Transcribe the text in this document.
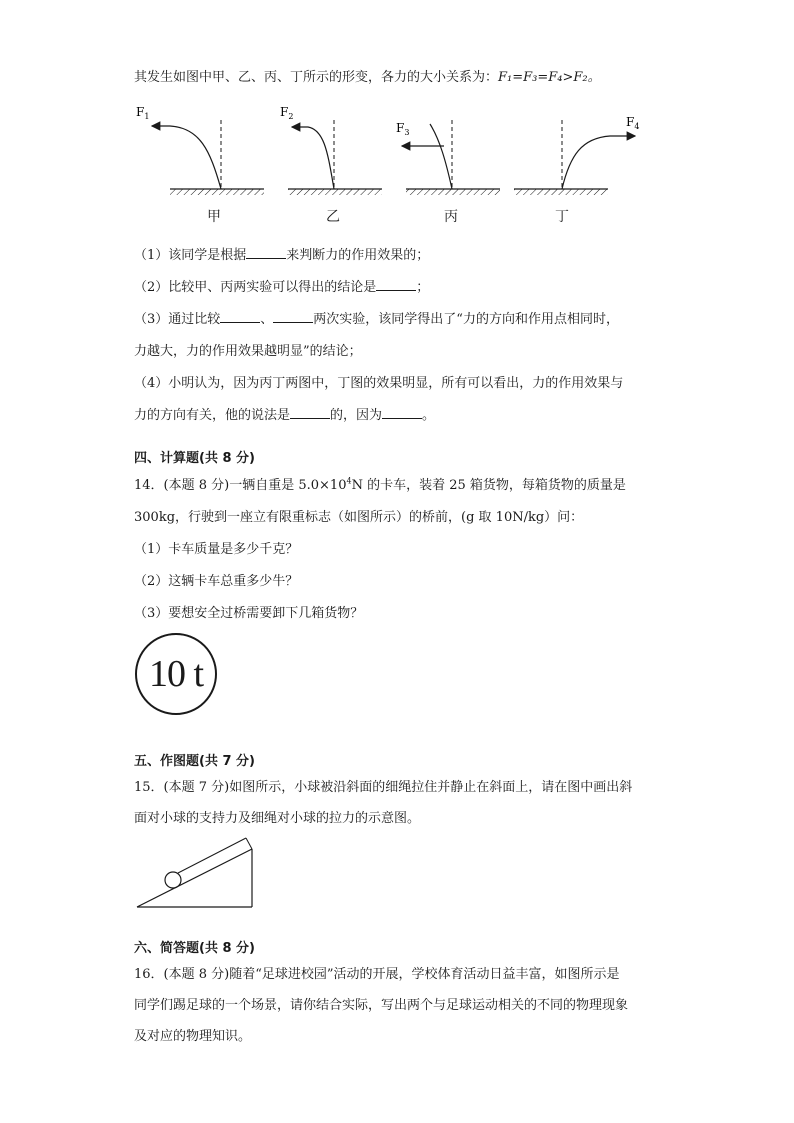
其发生如图中甲、乙、丙、丁所示的形变，各力的大小关系为：F₁=F₃=F₄>F₂。
$F_1$	$F_2$
$F_3$
$F_4$
甲	乙	丙	丁
（1）该同学是根据	来判断力的作用效果的；
（2）比较甲、丙两实验可以得出的结论是	；
（3）通过比较	、	两次实验，该同学得出了“力的方向和作用点相同时，
力越大，力的作用效果越明显”的结论；
（4）小明认为，因为丙丁两图中，丁图的效果明显，所有可以看出，力的作用效果与
力的方向有关，他的说法是	的，因为	。
四、计算题(共 8 分)
14．(本题 8 分)一辆自重是 $5.0\times 10^4N$ 的卡车，装着 25 箱货物，每箱货物的质量是
300kg，行驶到一座立有限重标志（如图所示）的桥前，(g 取 10N/kg）问：
（1）卡车质量是多少千克？
（2）这辆卡车总重多少牛？
（3）要想安全过桥需要卸下几箱货物？
10 t
五、作图题(共 7 分)
15．(本题 7 分)如图所示，小球被沿斜面的细绳拉住并静止在斜面上，请在图中画出斜
面对小球的支持力及细绳对小球的拉力的示意图。
六、简答题(共 8 分)
16．(本题 8 分)随着“足球进校园”活动的开展，学校体育活动日益丰富，如图所示是
同学们踢足球的一个场景，请你结合实际，写出两个与足球运动相关的不同的物理现象
及对应的物理知识。
